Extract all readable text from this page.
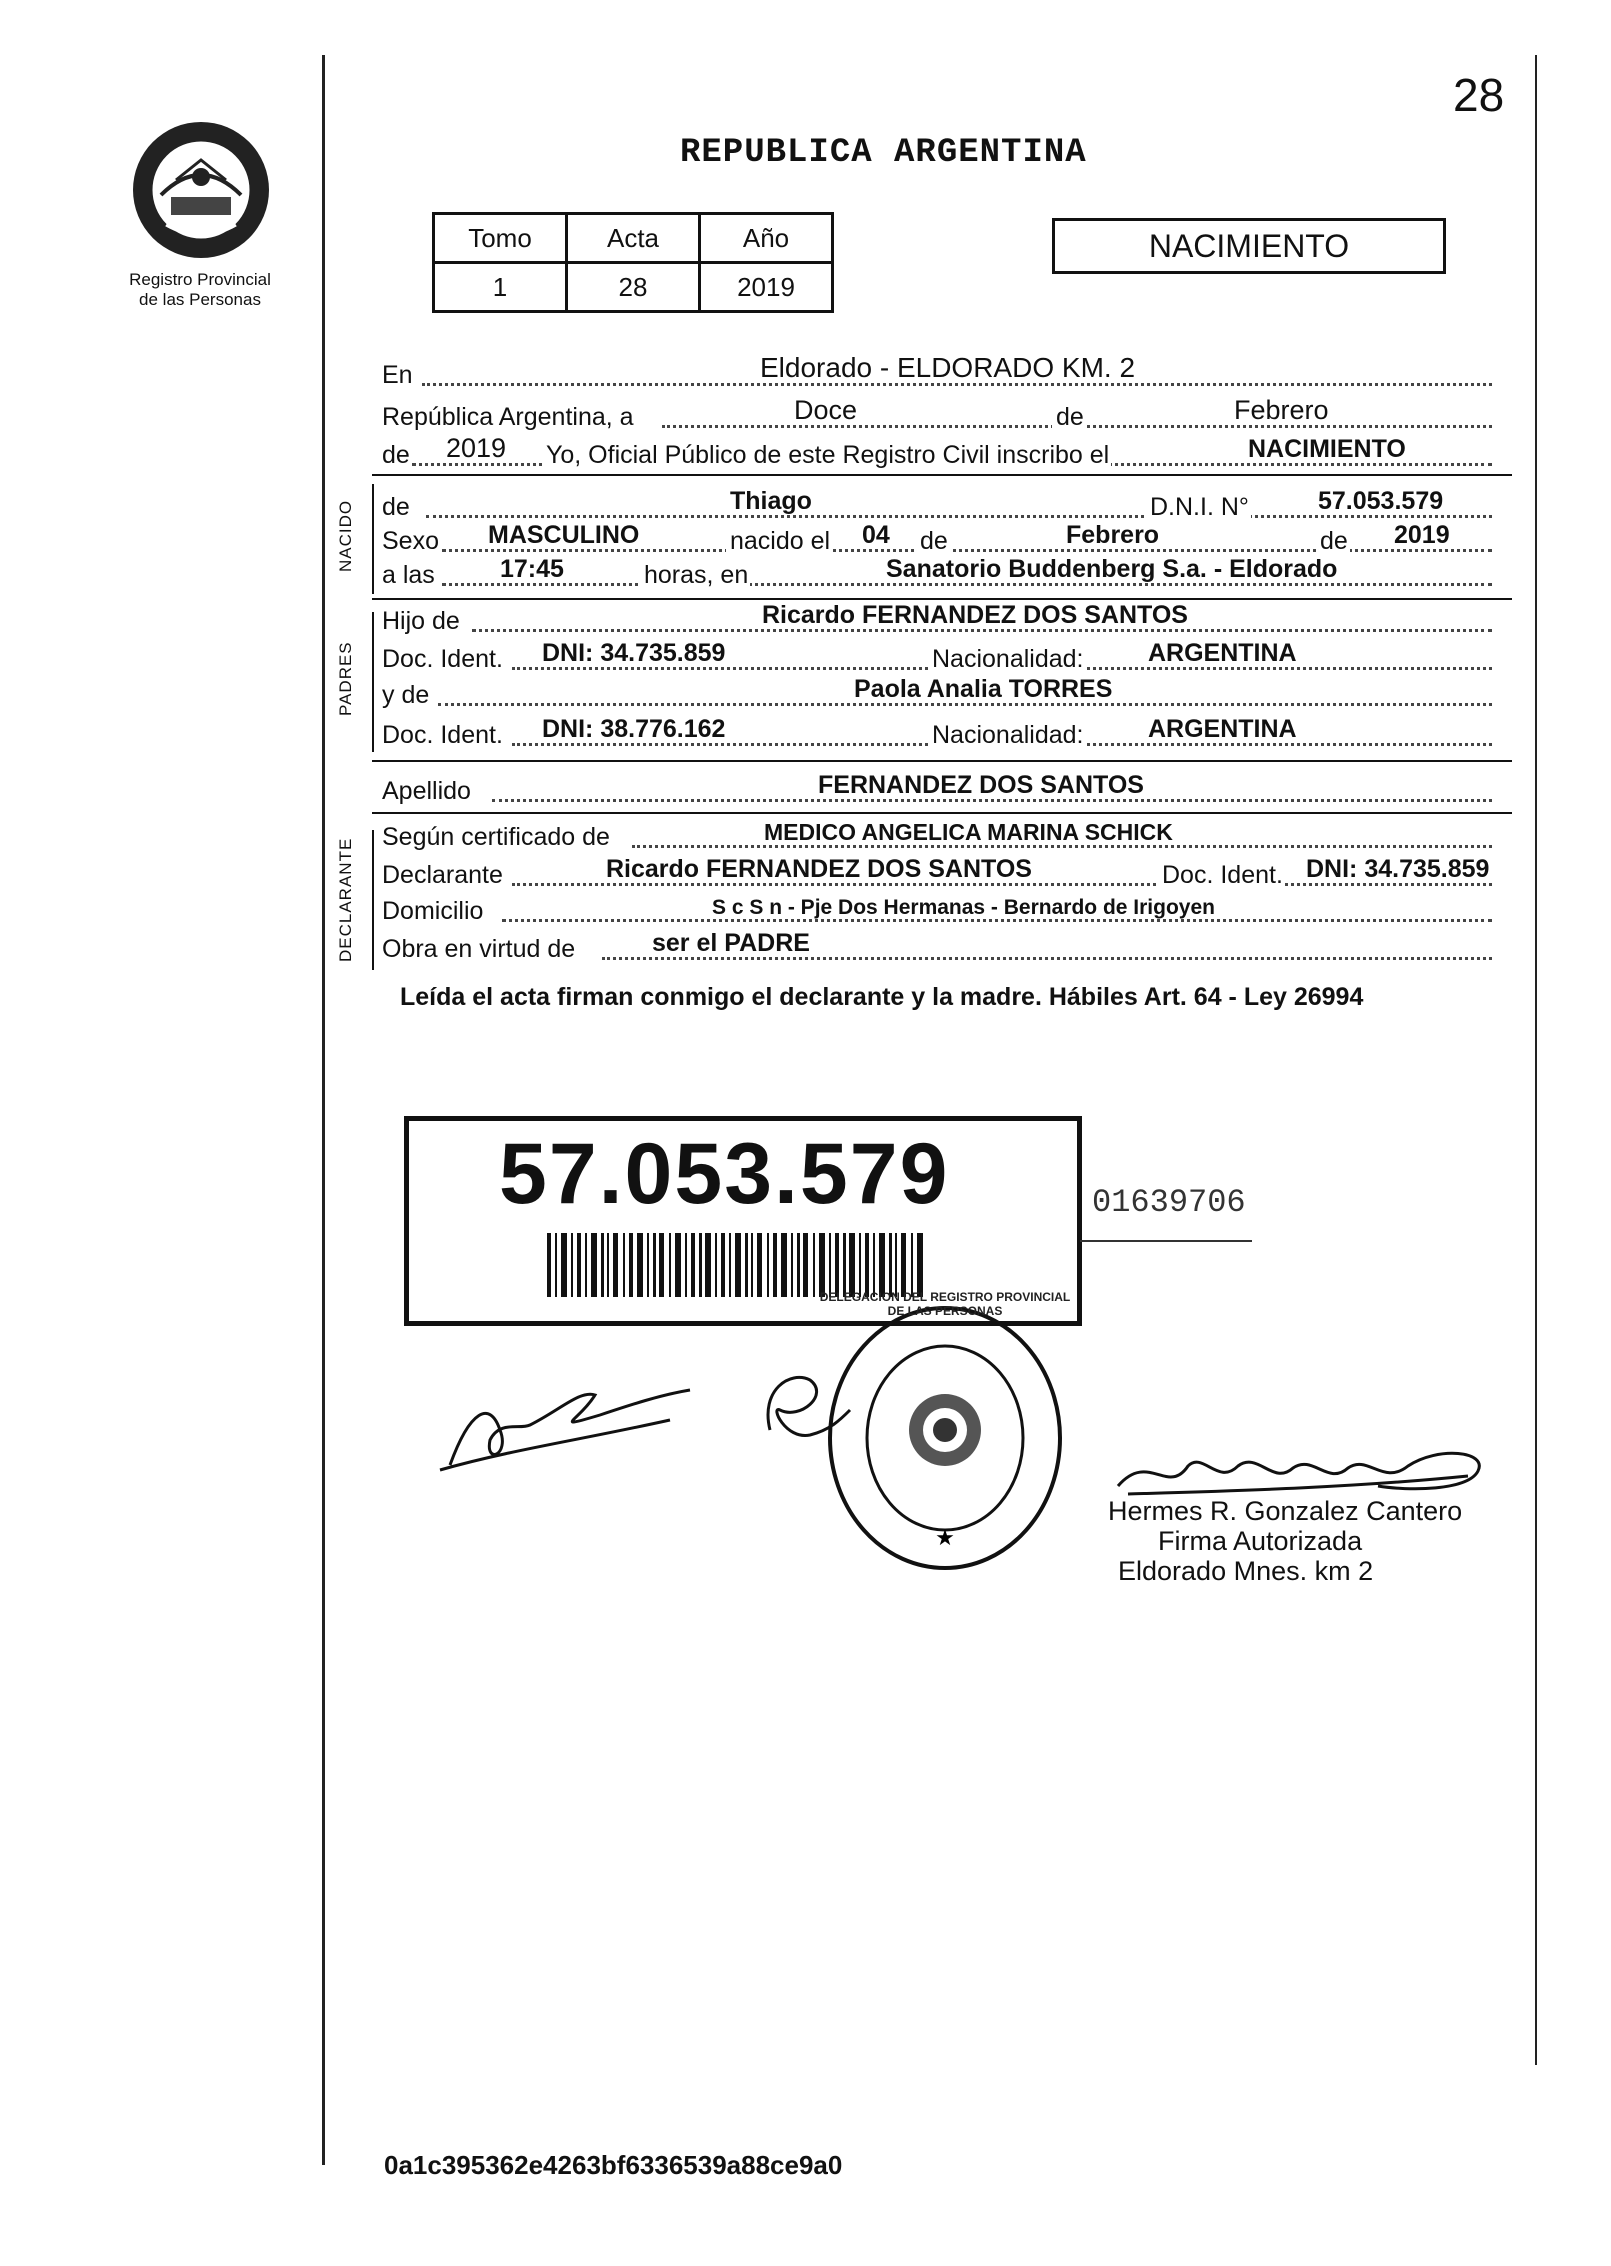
28
Registro Provincial
de las Personas
REPUBLICA ARGENTINA
Tomo	Acta	Año
1	28	2019
NACIMIENTO
NACIDO
PADRES
DECLARANTE
En	Eldorado - ELDORADO KM. 2
República Argentina, a	Doce	de	Febrero
de 2019 Yo, Oficial Público de este Registro Civil inscribo el	NACIMIENTO
de	Thiago	D.N.I. N°	57.053.579
Sexo MASCULINO	nacido el 04 de	Febrero	de 2019
a las	17:45	horas, en	Sanatorio Buddenberg S.a. - Eldorado
Hijo de	Ricardo FERNANDEZ DOS SANTOS
Doc. Ident. DNI: 34.735.859	Nacionalidad:	ARGENTINA
y de	Paola Analia TORRES
Doc. Ident. DNI: 38.776.162	Nacionalidad:	ARGENTINA
Apellido	FERNANDEZ DOS SANTOS
Según certificado de	MEDICO ANGELICA MARINA SCHICK
Declarante	Ricardo FERNANDEZ DOS SANTOS	Doc. Ident. DNI: 34.735.859
Domicilio	S c S n - Pje Dos Hermanas - Bernardo de Irigoyen
Obra en virtud de	ser el PADRE
Leída el acta firman conmigo el declarante y la madre. Hábiles Art. 64 - Ley 26994
57.053.579	01639706
★
DELEGACION DEL REGISTRO PROVINCIAL DE LAS PERSONAS
Hermes R. Gonzalez Cantero
Firma Autorizada
Eldorado Mnes. km 2
0a1c395362e4263bf6336539a88ce9a0
